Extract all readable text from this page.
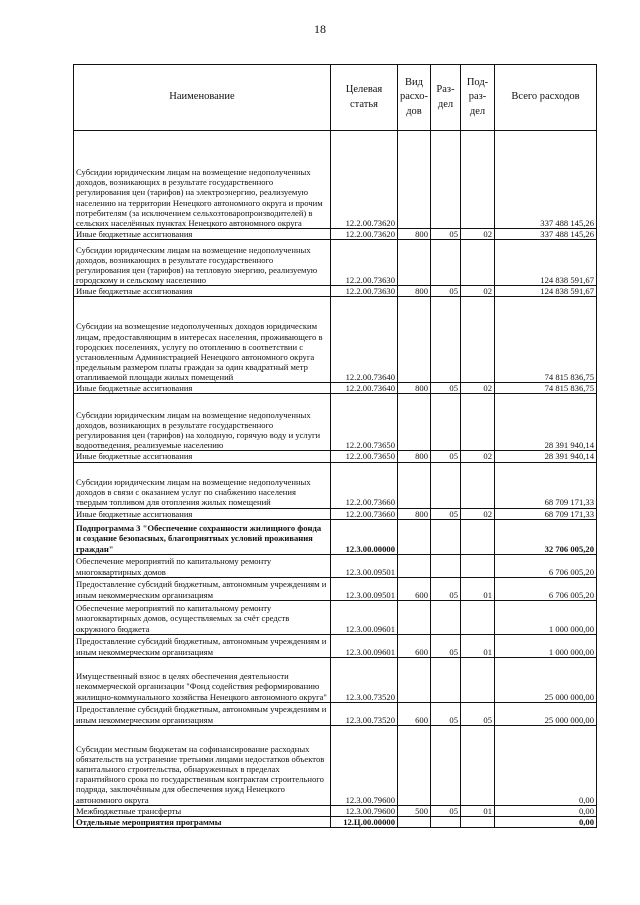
18
Наименование	Целевая статья	Вид расхо- дов	Раз- дел	Под- раз- дел	Всего расходов
Субсидии юридическим лицам на возмещение недополученных доходов, возникающих в результате государственного регулирования цен (тарифов) на электроэнергию, реализуемую населению на территории Ненецкого автономного округа и прочим потребителям (за исключением сельхозтоваропроизводителей) в сельских населённых пунктах Ненецкого автономного округа	12.2.00.73620				337 488 145,26
Иные бюджетные ассигнования	12.2.00.73620	800	05	02	337 488 145,26
Субсидии юридическим лицам на возмещение недополученных доходов, возникающих в результате государственного регулирования цен (тарифов) на тепловую энергию, реализуемую городскому и сельскому населению	12.2.00.73630				124 838 591,67
Иные бюджетные ассигнования	12.2.00.73630	800	05	02	124 838 591,67
Субсидии на возмещение недополученных доходов юридическим лицам, предоставляющим в интересах населения, проживающего в городских поселениях, услугу по отоплению в соответствии с установленным Администрацией Ненецкого автономного округа предельным размером платы граждан за один квадратный метр отапливаемой площади жилых помещений	12.2.00.73640				74 815 836,75
Иные бюджетные ассигнования	12.2.00.73640	800	05	02	74 815 836,75
Субсидии юридическим лицам на возмещение недополученных доходов, возникающих в результате государственного регулирования цен (тарифов) на холодную, горячую воду и услуги водоотведения, реализуемые населению	12.2.00.73650				28 391 940,14
Иные бюджетные ассигнования	12.2.00.73650	800	05	02	28 391 940,14
Субсидии юридическим лицам на возмещение недополученных доходов в связи с оказанием услуг по снабжению населения твердым топливом для отопления жилых помещений	12.2.00.73660				68 709 171,33
Иные бюджетные ассигнования	12.2.00.73660	800	05	02	68 709 171,33
Подпрограмма 3 "Обеспечение сохранности жилищного фонда и создание безопасных, благоприятных условий проживания граждан"	12.3.00.00000				32 706 005,20
Обеспечение мероприятий по капитальному ремонту многоквартирных домов	12.3.00.09501				6 706 005,20
Предоставление субсидий бюджетным, автономным учреждениям и иным некоммерческим организациям	12.3.00.09501	600	05	01	6 706 005,20
Обеспечение мероприятий по капитальному ремонту многоквартирных домов, осуществляемых за счёт средств окружного бюджета	12.3.00.09601				1 000 000,00
Предоставление субсидий бюджетным, автономным учреждениям и иным некоммерческим организациям	12.3.00.09601	600	05	01	1 000 000,00
Имущественный взнос в целях обеспечения деятельности некоммерческой организации "Фонд содействия реформированию жилищно-коммунального хозяйства Ненецкого автономного округа"	12.3.00.73520				25 000 000,00
Предоставление субсидий бюджетным, автономным учреждениям и иным некоммерческим организациям	12.3.00.73520	600	05	05	25 000 000,00
Субсидии местным бюджетам на софинансирование расходных обязательств на устранение третьими лицами недостатков объектов капитального строительства, обнаруженных в пределах гарантийного срока по государственным контрактам строительного подряда, заключённым для обеспечения нужд Ненецкого автономного округа	12.3.00.79600				0,00
Межбюджетные трансферты	12.3.00.79600	500	05	01	0,00
Отдельные мероприятия программы	12.Ц.00.00000				0,00
